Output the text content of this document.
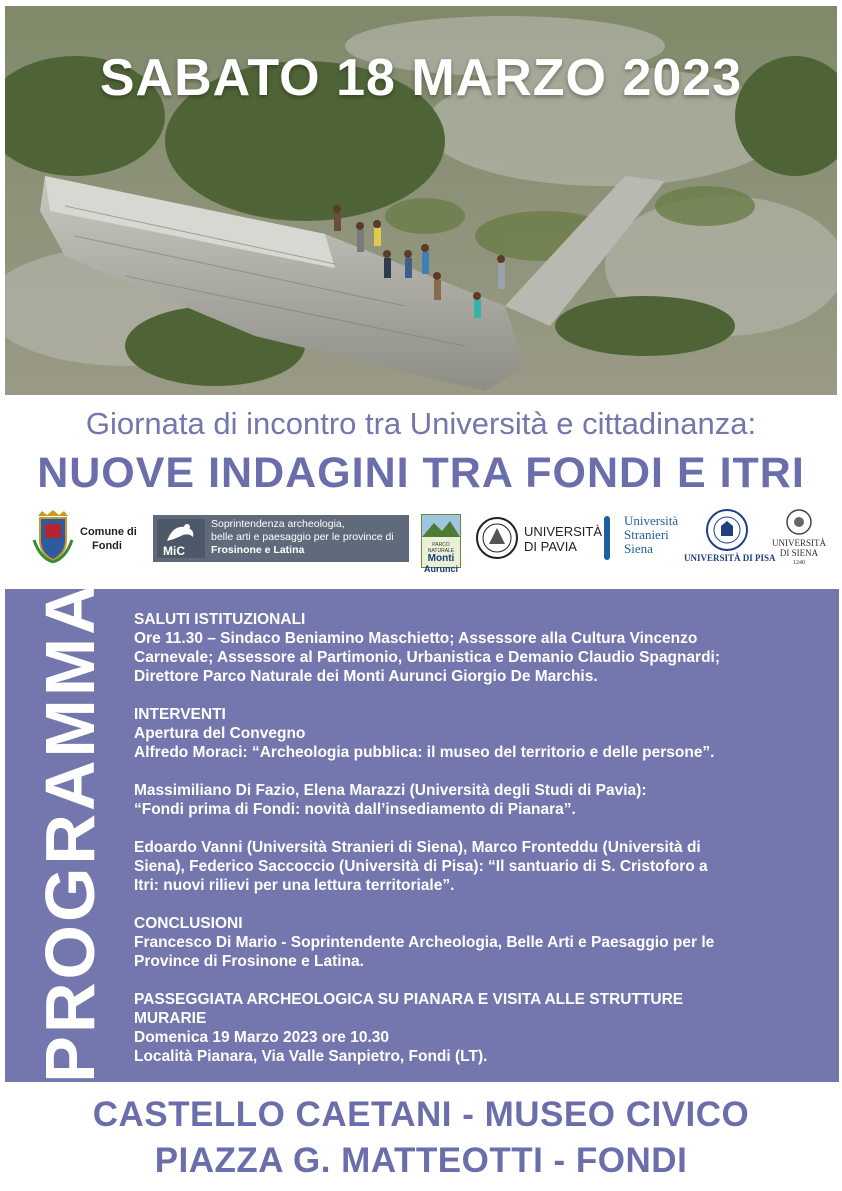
SABATO 18 MARZO 2023
Giornata di incontro tra Università e cittadinanza:
NUOVE INDAGINI TRA FONDI E ITRI
Comune di
Fondi	MiC
Soprintendenza archeologia,
belle arti e paesaggio per le province di
Frosinone e Latina	PARCO NATURALE
Monti
Aurunci
UNIVERSITÀ
DI PAVIA
Università
Stranieri
Siena
UNIVERSITÀ DI PISA
UNIVERSITÀ
DI SIENA
1240
PROGRAMMA SALUTI ISTITUZIONALI

Ore 11.30 – Sindaco Beniamino Maschietto; Assessore alla Cultura Vincenzo

Carnevale; Assessore al Partimonio, Urbanistica e Demanio Claudio Spagnardi;

Direttore Parco Naturale dei Monti Aurunci Giorgio De Marchis.

INTERVENTI

Apertura del Convegno

Alfredo Moraci: “Archeologia pubblica: il museo del territorio e delle persone”.

Massimiliano Di Fazio, Elena Marazzi (Università degli Studi di Pavia):

“Fondi prima di Fondi: novità dall’insediamento di Pianara”.

Edoardo Vanni (Università Stranieri di Siena), Marco Fronteddu (Università di

Siena), Federico Saccoccio (Università di Pisa): “Il santuario di S. Cristoforo a

Itri: nuovi rilievi per una lettura territoriale”.

CONCLUSIONI

Francesco Di Mario - Soprintendente Archeologia, Belle Arti e Paesaggio per le

Province di Frosinone e Latina.

PASSEGGIATA ARCHEOLOGICA SU PIANARA E VISITA ALLE STRUTTURE

MURARIE

Domenica 19 Marzo 2023 ore 10.30

Località Pianara, Via Valle Sanpietro, Fondi (LT).

CASTELLO CAETANI - MUSEO CIVICO
PIAZZA G. MATTEOTTI - FONDI
